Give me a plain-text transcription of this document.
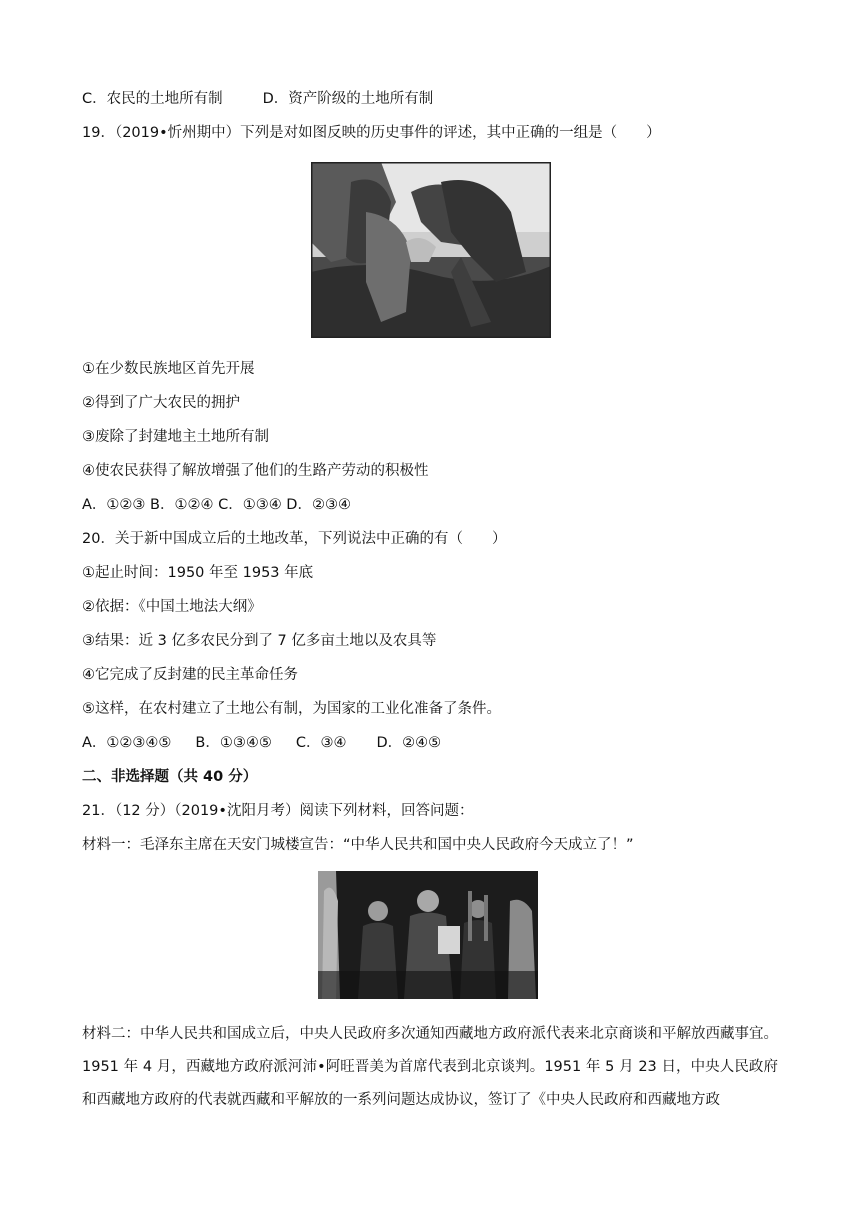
C．农民的土地所有制	D．资产阶级的土地所有制
19．（2019•忻州期中）下列是对如图反映的历史事件的评述，其中正确的一组是（　　）
①在少数民族地区首先开展
②得到了广大农民的拥护
③废除了封建地主土地所有制
④使农民获得了解放增强了他们的生路产劳动的积极性
A．①②③ B．①②④ C．①③④ D．②③④
20．关于新中国成立后的土地改革，下列说法中正确的有（　　）
①起止时间：1950 年至 1953 年底
②依据：《中国土地法大纲》
③结果：近 3 亿多农民分到了 7 亿多亩土地以及农具等
④它完成了反封建的民主革命任务
⑤这样，在农村建立了土地公有制，为国家的工业化准备了条件。
A．①②③④⑤ B．①③④⑤ C．③④ D．②④⑤
二、非选择题（共 40 分）
21．（12 分）（2019•沈阳月考）阅读下列材料，回答问题：
材料一：毛泽东主席在天安门城楼宣告：“中华人民共和国中央人民政府今天成立了！”
材料二：中华人民共和国成立后，中央人民政府多次通知西藏地方政府派代表来北京商谈和平解放西藏事宜。1951 年 4 月，西藏地方政府派河沛•阿旺晋美为首席代表到北京谈判。1951 年 5 月 23 日，中央人民政府和西藏地方政府的代表就西藏和平解放的一系列问题达成协议，签订了《中央人民政府和西藏地方政
